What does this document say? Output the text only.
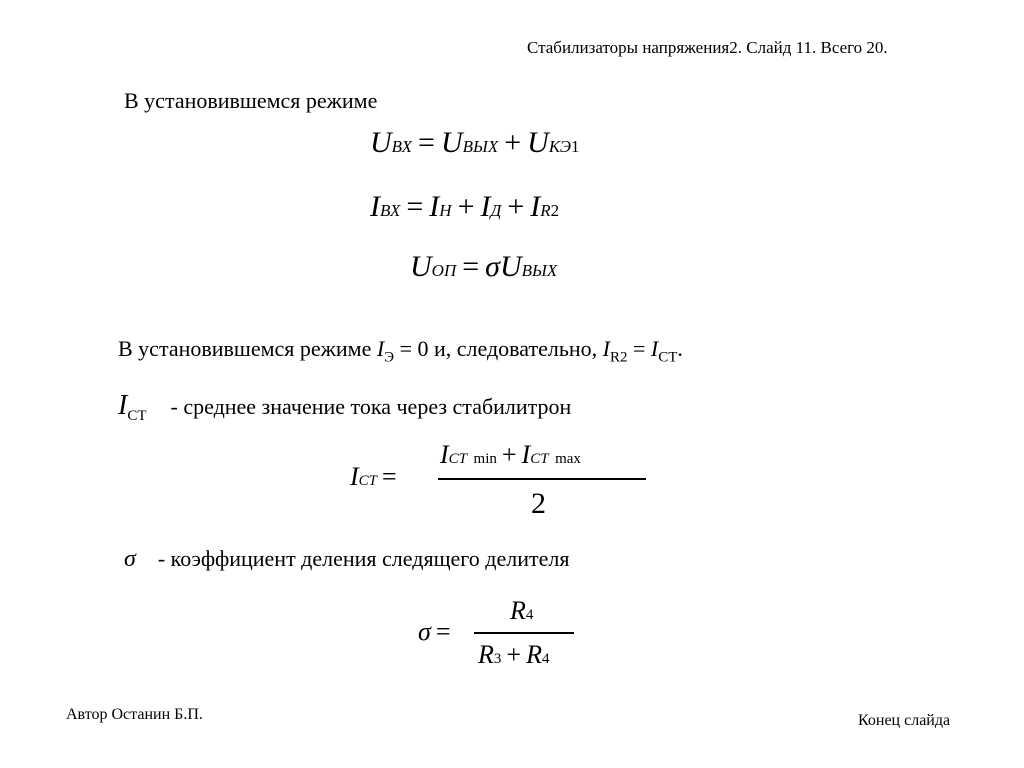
Стабилизаторы напряжения2. Слайд 11. Всего 20.
В установившемся режиме
UВХ = UВЫХ + UКЭ1
IВХ = IН + IД + IR2
UОП = σUВЫХ
В установившемся режиме $I_Э = 0$ и, следовательно, $I_{R2} = I_{СТ}$.
IСТ - среднее значение тока через стабилитрон
IСТ =
IСТ min + IСТ max
2
σ - коэффициент деления следящего делителя
σ =
R4
R3 + R4
Автор Останин Б.П.	Конец слайда
